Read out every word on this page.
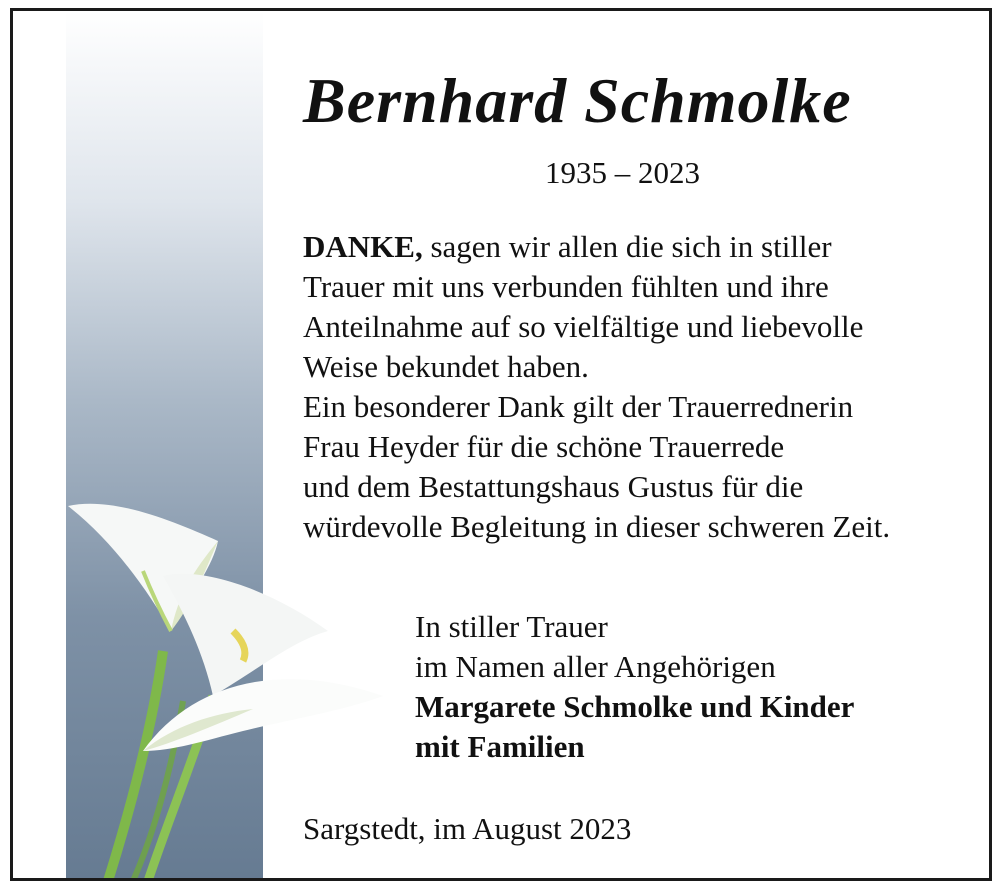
Bernhard Schmolke
1935 – 2023
DANKE, sagen wir allen die sich in stiller
Trauer mit uns verbunden fühlten und ihre
Anteilnahme auf so vielfältige und liebevolle
Weise bekundet haben.
Ein besonderer Dank gilt der Trauerrednerin
Frau Heyder für die schöne Trauerrede
und dem Bestattungshaus Gustus für die
würdevolle Begleitung in dieser schweren Zeit.
In stiller Trauer
im Namen aller Angehörigen
Margarete Schmolke und Kinder
mit Familien
Sargstedt, im August 2023
